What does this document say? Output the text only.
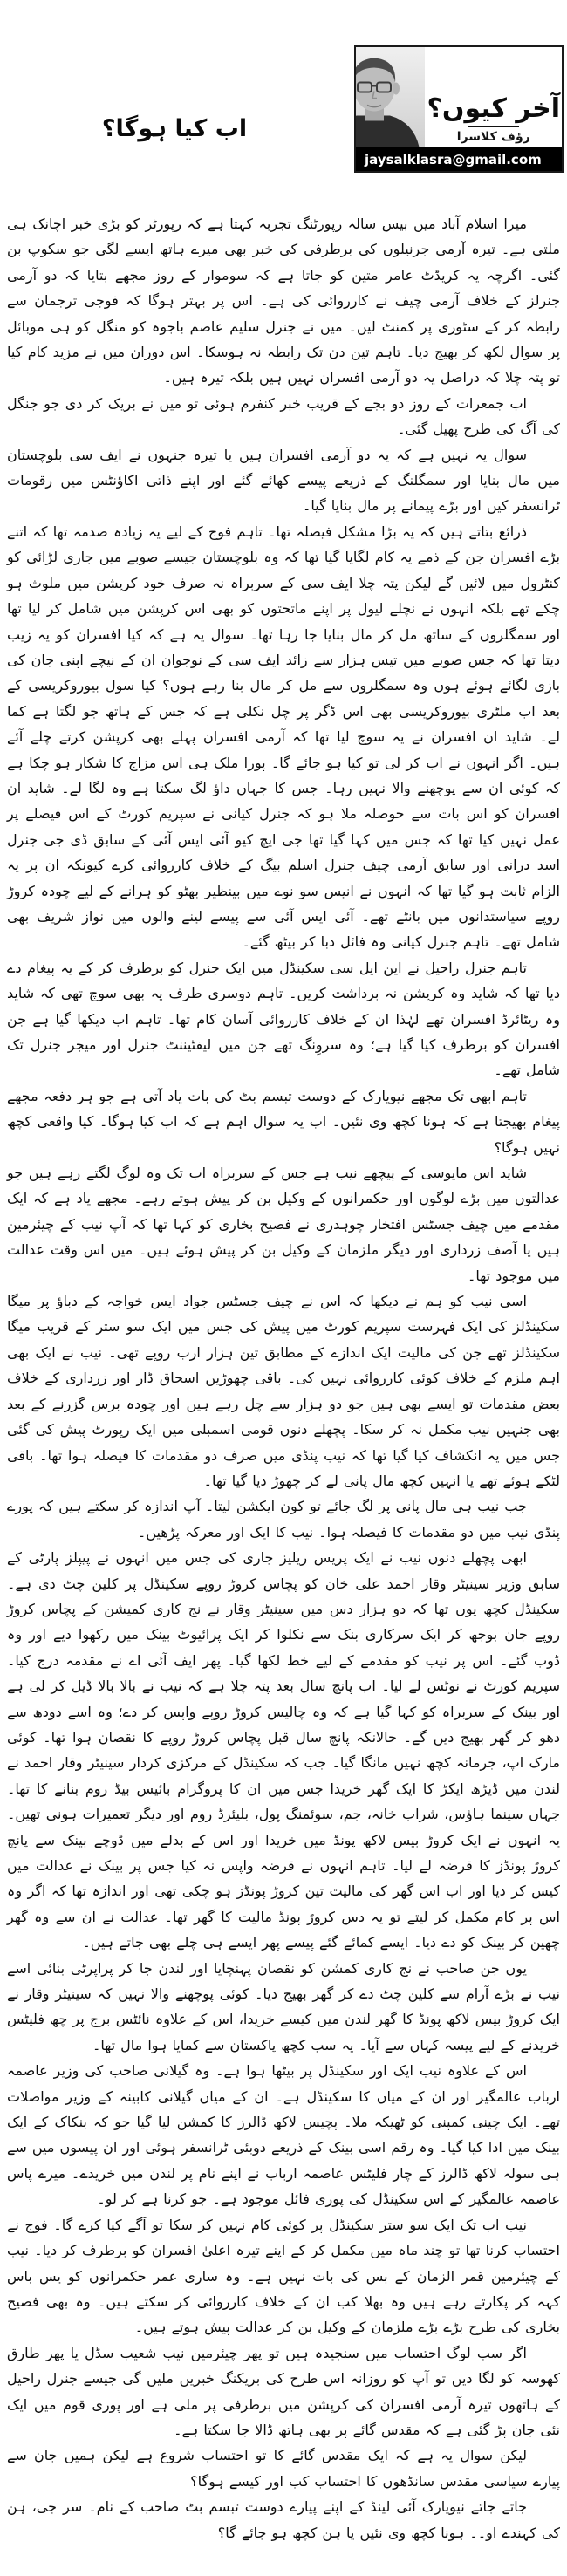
آخر کیوں؟
رؤف کلاسرا
jaysalklasra@gmail.com
اب کیا ہوگا؟

میرا اسلام آباد میں بیس سالہ رپورٹنگ تجربہ کہتا ہے کہ رپورٹر کو بڑی خبر اچانک ہی ملتی ہے۔ تیرہ آرمی جرنیلوں کی برطرفی کی خبر بھی میرے ہاتھ ایسے لگی جو سکوپ بن گئی۔ اگرچہ یہ کریڈٹ عامر متین کو جاتا ہے کہ سوموار کے روز مجھے بتایا کہ دو آرمی جنرلز کے خلاف آرمی چیف نے کارروائی کی ہے۔ اس پر بہتر ہوگا کہ فوجی ترجمان سے رابطہ کر کے سٹوری پر کمنٹ لیں۔ میں نے جنرل سلیم عاصم باجوہ کو منگل کو ہی موبائل پر سوال لکھ کر بھیج دیا۔ تاہم تین دن تک رابطہ نہ ہوسکا۔ اس دوران میں نے مزید کام کیا تو پتہ چلا کہ دراصل یہ دو آرمی افسران نہیں ہیں بلکہ تیرہ ہیں۔

اب جمعرات کے روز دو بجے کے قریب خبر کنفرم ہوئی تو میں نے بریک کر دی جو جنگل کی آگ کی طرح پھیل گئی۔

سوال یہ نہیں ہے کہ یہ دو آرمی افسران ہیں یا تیرہ جنہوں نے ایف سی بلوچستان میں مال بنایا اور سمگلنگ کے ذریعے پیسے کھائے گئے اور اپنے ذاتی اکاؤنٹس میں رقومات ٹرانسفر کیں اور بڑے پیمانے پر مال بنایا گیا۔

ذرائع بتاتے ہیں کہ یہ بڑا مشکل فیصلہ تھا۔ تاہم فوج کے لیے یہ زیادہ صدمہ تھا کہ اتنے بڑے افسران جن کے ذمے یہ کام لگایا گیا تھا کہ وہ بلوچستان جیسے صوبے میں جاری لڑائی کو کنٹرول میں لائیں گے لیکن پتہ چلا ایف سی کے سربراہ نہ صرف خود کرپشن میں ملوث ہو چکے تھے بلکہ انہوں نے نچلے لیول پر اپنے ماتحتوں کو بھی اس کرپشن میں شامل کر لیا تھا اور سمگلروں کے ساتھ مل کر مال بنایا جا رہا تھا۔ سوال یہ ہے کہ کیا افسران کو یہ زیب دیتا تھا کہ جس صوبے میں تیس ہزار سے زائد ایف سی کے نوجوان ان کے نیچے اپنی جان کی بازی لگائے ہوئے ہوں وہ سمگلروں سے مل کر مال بنا رہے ہوں؟ کیا سول بیوروکریسی کے بعد اب ملٹری بیوروکریسی بھی اس ڈگر پر چل نکلی ہے کہ جس کے ہاتھ جو لگتا ہے کما لے۔ شاید ان افسران نے یہ سوچ لیا تھا کہ آرمی افسران پہلے بھی کرپشن کرتے چلے آئے ہیں۔ اگر انہوں نے اب کر لی تو کیا ہو جائے گا۔ پورا ملک ہی اس مزاج کا شکار ہو چکا ہے کہ کوئی ان سے پوچھنے والا نہیں رہا۔ جس کا جہاں داؤ لگ سکتا ہے وہ لگا لے۔ شاید ان افسران کو اس بات سے حوصلہ ملا ہو کہ جنرل کیانی نے سپریم کورٹ کے اس فیصلے پر عمل نہیں کیا تھا کہ جس میں کہا گیا تھا جی ایچ کیو آئی ایس آئی کے سابق ڈی جی جنرل اسد درانی اور سابق آرمی چیف جنرل اسلم بیگ کے خلاف کارروائی کرے کیونکہ ان پر یہ الزام ثابت ہو گیا تھا کہ انہوں نے انیس سو نوے میں بینظیر بھٹو کو ہرانے کے لیے چودہ کروڑ روپے سیاستدانوں میں بانٹے تھے۔ آئی ایس آئی سے پیسے لینے والوں میں نواز شریف بھی شامل تھے۔ تاہم جنرل کیانی وہ فائل دبا کر بیٹھ گئے۔

تاہم جنرل راحیل نے این ایل سی سکینڈل میں ایک جنرل کو برطرف کر کے یہ پیغام دے دیا تھا کہ شاید وہ کرپشن نہ برداشت کریں۔ تاہم دوسری طرف یہ بھی سوچ تھی کہ شاید وہ ریٹائرڈ افسران تھے لہٰذا ان کے خلاف کارروائی آسان کام تھا۔ تاہم اب دیکھا گیا ہے جن افسران کو برطرف کیا گیا ہے؛ وہ سروِنگ تھے جن میں لیفٹیننٹ جنرل اور میجر جنرل تک شامل تھے۔

تاہم ابھی تک مجھے نیویارک کے دوست تبسم بٹ کی بات یاد آتی ہے جو ہر دفعہ مجھے پیغام بھیجتا ہے کہ ہونا کچھ وی نئیں۔ اب یہ سوال اہم ہے کہ اب کیا ہوگا۔ کیا واقعی کچھ نہیں ہوگا؟

شاید اس مایوسی کے پیچھے نیب ہے جس کے سربراہ اب تک وہ لوگ لگتے رہے ہیں جو عدالتوں میں بڑے لوگوں اور حکمرانوں کے وکیل بن کر پیش ہوتے رہے۔ مجھے یاد ہے کہ ایک مقدمے میں چیف جسٹس افتخار چوہدری نے فصیح بخاری کو کہا تھا کہ آپ نیب کے چیئرمین ہیں یا آصف زرداری اور دیگر ملزمان کے وکیل بن کر پیش ہوئے ہیں۔ میں اس وقت عدالت میں موجود تھا۔

اسی نیب کو ہم نے دیکھا کہ اس نے چیف جسٹس جواد ایس خواجہ کے دباؤ پر میگا سکینڈلز کی ایک فہرست سپریم کورٹ میں پیش کی جس میں ایک سو ستر کے قریب میگا سکینڈلز تھے جن کی مالیت ایک اندازے کے مطابق تین ہزار ارب روپے تھی۔ نیب نے ایک بھی اہم ملزم کے خلاف کوئی کارروائی نہیں کی۔ باقی چھوڑیں اسحاق ڈار اور زرداری کے خلاف بعض مقدمات تو ایسے بھی ہیں جو دو ہزار سے چل رہے ہیں اور چودہ برس گزرنے کے بعد بھی جنہیں نیب مکمل نہ کر سکا۔ پچھلے دنوں قومی اسمبلی میں ایک رپورٹ پیش کی گئی جس میں یہ انکشاف کیا گیا تھا کہ نیب پنڈی میں صرف دو مقدمات کا فیصلہ ہوا تھا۔ باقی لٹکے ہوئے تھے یا انہیں کچھ مال پانی لے کر چھوڑ دیا گیا تھا۔

جب نیب ہی مال پانی پر لگ جائے تو کون ایکشن لیتا۔ آپ اندازہ کر سکتے ہیں کہ پورے پنڈی نیب میں دو مقدمات کا فیصلہ ہوا۔ نیب کا ایک اور معرکہ پڑھیں۔

ابھی پچھلے دنوں نیب نے ایک پریس ریلیز جاری کی جس میں انہوں نے پیپلز پارٹی کے سابق وزیر سینیٹر وقار احمد علی خان کو پچاس کروڑ روپے سکینڈل پر کلین چٹ دی ہے۔ سکینڈل کچھ یوں تھا کہ دو ہزار دس میں سینیٹر وقار نے نج کاری کمیشن کے پچاس کروڑ روپے جان بوجھ کر ایک سرکاری بنک سے نکلوا کر ایک پرائیوٹ بینک میں رکھوا دیے اور وہ ڈوب گئے۔ اس پر نیب کو مقدمے کے لیے خط لکھا گیا۔ پھر ایف آئی اے نے مقدمہ درج کیا۔ سپریم کورٹ نے نوٹس لے لیا۔ اب پانچ سال بعد پتہ چلا ہے کہ نیب نے بالا بالا ڈیل کر لی ہے اور بینک کے سربراہ کو کہا گیا ہے کہ وہ چالیس کروڑ روپے واپس کر دے؛ وہ اسے دودھ سے دھو کر گھر بھیج دیں گے۔ حالانکہ پانچ سال قبل پچاس کروڑ روپے کا نقصان ہوا تھا۔ کوئی مارک اپ، جرمانہ کچھ نہیں مانگا گیا۔ جب کہ سکینڈل کے مرکزی کردار سینیٹر وقار احمد نے لندن میں ڈیڑھ ایکڑ کا ایک گھر خریدا جس میں ان کا پروگرام بائیس بیڈ روم بنانے کا تھا۔ جہاں سینما ہاؤس، شراب خانہ، جم، سوئمنگ پول، بلیئرڈ روم اور دیگر تعمیرات ہونی تھیں۔ یہ انہوں نے ایک کروڑ بیس لاکھ پونڈ میں خریدا اور اس کے بدلے میں ڈوچے بینک سے پانچ کروڑ پونڈز کا قرضہ لے لیا۔ تاہم انہوں نے قرضہ واپس نہ کیا جس پر بینک نے عدالت میں کیس کر دیا اور اب اس گھر کی مالیت تین کروڑ پونڈز ہو چکی تھی اور اندازہ تھا کہ اگر وہ اس پر کام مکمل کر لیتے تو یہ دس کروڑ پونڈ مالیت کا گھر تھا۔ عدالت نے ان سے وہ گھر چھین کر بینک کو دے دیا۔ ایسے کمائے گئے پیسے پھر ایسے ہی چلے بھی جاتے ہیں۔

یوں جن صاحب نے نج کاری کمشن کو نقصان پہنچایا اور لندن جا کر پراپرٹی بنائی اسے نیب نے بڑے آرام سے کلین چٹ دے کر گھر بھیج دیا۔ کوئی پوچھنے والا نہیں کہ سینیٹر وقار نے ایک کروڑ بیس لاکھ پونڈ کا گھر لندن میں کیسے خریدا، اس کے علاوہ نائٹس برج پر چھ فلیٹس خریدنے کے لیے پیسہ کہاں سے آیا۔ یہ سب کچھ پاکستان سے کمایا ہوا مال تھا۔

اس کے علاوہ نیب ایک اور سکینڈل پر بیٹھا ہوا ہے۔ وہ گیلانی صاحب کی وزیر عاصمہ ارباب عالمگیر اور ان کے میاں کا سکینڈل ہے۔ ان کے میاں گیلانی کابینہ کے وزیر مواصلات تھے۔ ایک چینی کمپنی کو ٹھیکہ ملا۔ پچیس لاکھ ڈالرز کا کمشن لیا گیا جو کہ بنکاک کے ایک بینک میں ادا کیا گیا۔ وہ رقم اسی بینک کے ذریعے دوبئی ٹرانسفر ہوئی اور ان پیسوں میں سے ہی سولہ لاکھ ڈالرز کے چار فلیٹس عاصمہ ارباب نے اپنے نام پر لندن میں خریدے۔ میرے پاس عاصمہ عالمگیر کے اس سکینڈل کی پوری فائل موجود ہے۔ جو کرنا ہے کر لو۔

نیب اب تک ایک سو ستر سکینڈل پر کوئی کام نہیں کر سکا تو آگے کیا کرے گا۔ فوج نے احتساب کرنا تھا تو چند ماہ میں مکمل کر کے اپنے تیرہ اعلیٰ افسران کو برطرف کر دیا۔ نیب کے چیئرمین قمر الزمان کے بس کی بات نہیں ہے۔ وہ ساری عمر حکمرانوں کو یس باس کہہ کر پکارتے رہے ہیں وہ بھلا کب ان کے خلاف کارروائی کر سکتے ہیں۔ وہ بھی فصیح بخاری کی طرح بڑے بڑے ملزمان کے وکیل بن کر عدالت پیش ہوتے ہیں۔

اگر سب لوگ احتساب میں سنجیدہ ہیں تو پھر چیئرمین نیب شعیب سڈل یا پھر طارق کھوسہ کو لگا دیں تو آپ کو روزانہ اس طرح کی بریکنگ خبریں ملیں گی جیسے جنرل راحیل کے ہاتھوں تیرہ آرمی افسران کی کرپشن میں برطرفی پر ملی ہے اور پوری قوم میں ایک نئی جان پڑ گئی ہے کہ مقدس گائے پر بھی ہاتھ ڈالا جا سکتا ہے۔

لیکن سوال یہ ہے کہ ایک مقدس گائے کا تو احتساب شروع ہے لیکن ہمیں جان سے پیارے سیاسی مقدس سانڈھوں کا احتساب کب اور کیسے ہوگا؟

جاتے جاتے نیویارک آئی لینڈ کے اپنے پیارے دوست تبسم بٹ صاحب کے نام۔ سر جی، ہن کی کہندے او۔۔ ہونا کچھ وی نئیں یا ہن کچھ ہو جائے گا؟
